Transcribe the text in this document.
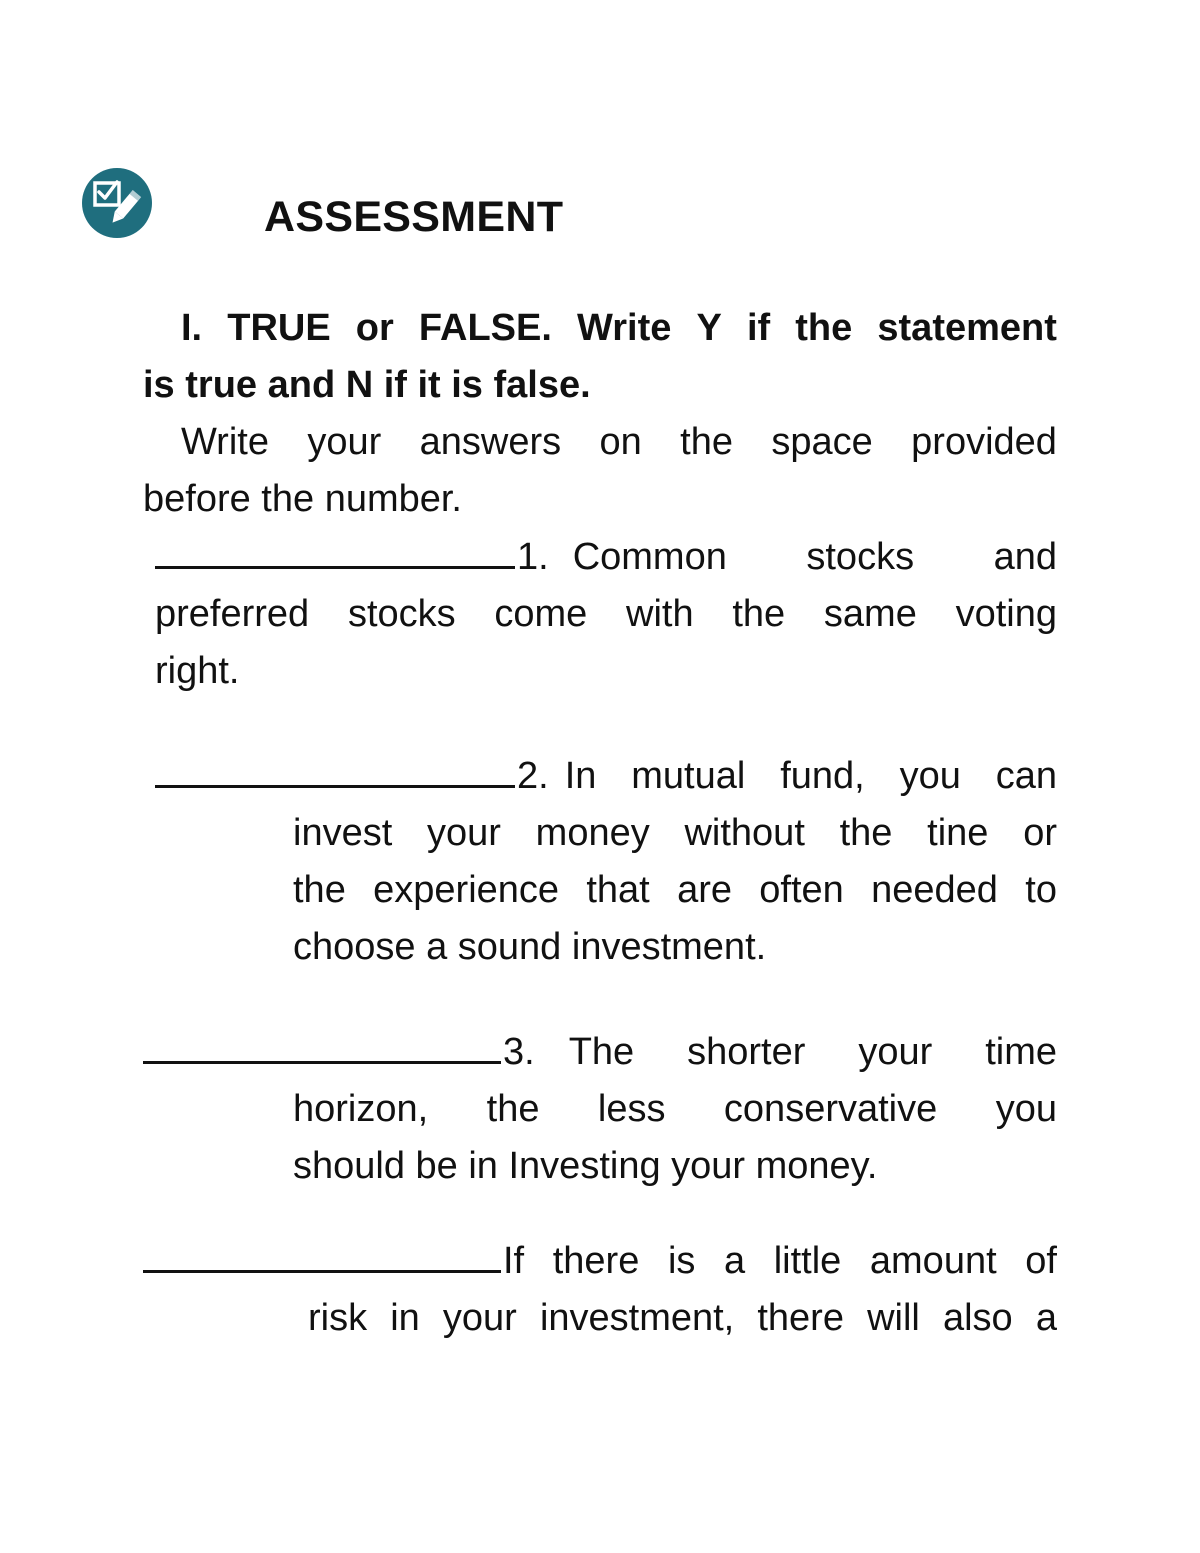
ASSESSMENT
I. TRUE or FALSE. Write Y if the statement
is true and N if it is false.
Write your answers on the space provided
before the number.
1. Common stocks and
preferred stocks come with the same voting
right.
2. In mutual fund, you can
invest your money without the tine or
the experience that are often needed to
choose a sound investment.
3. The shorter your time
horizon, the less conservative you
should be in Investing your money.
If there is a little amount of
risk in your investment, there will also a
